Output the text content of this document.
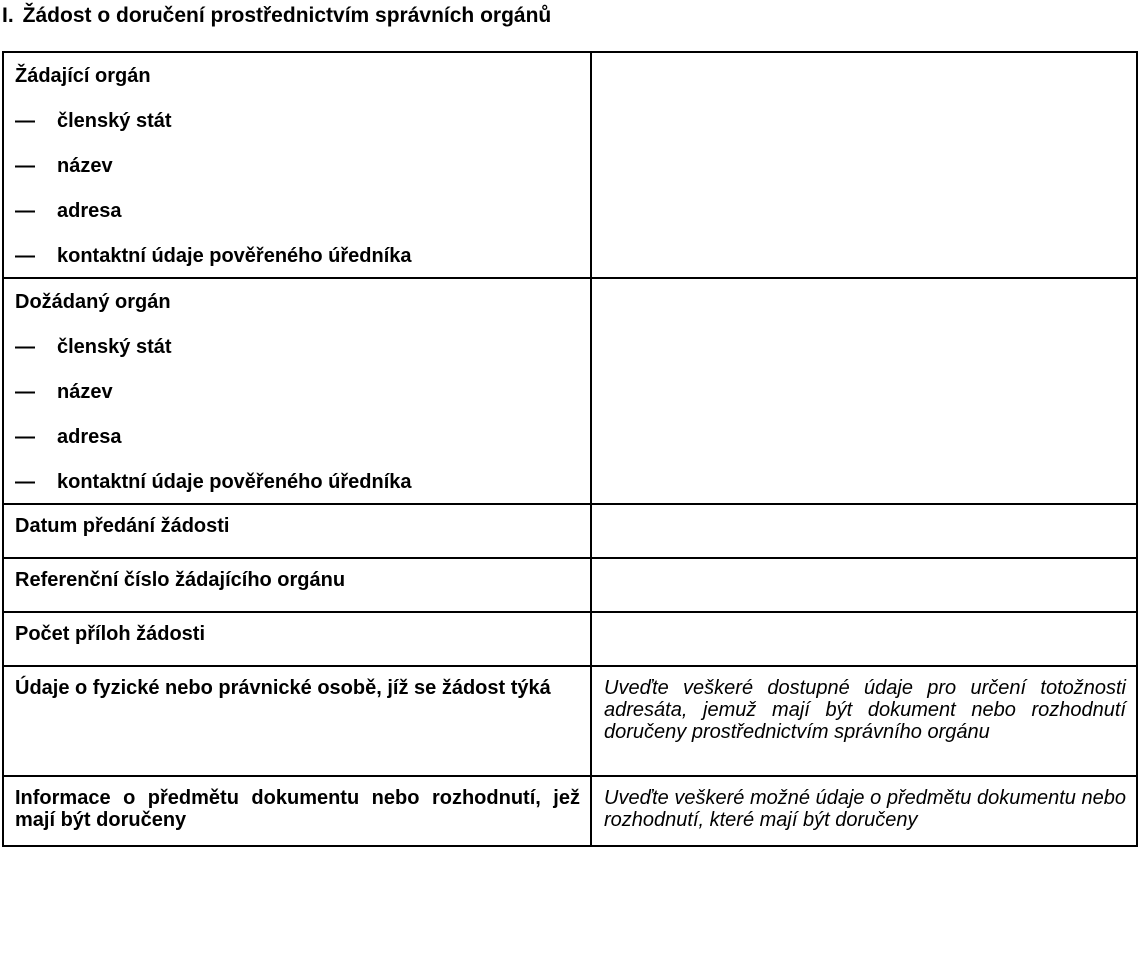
I. Žádost o doručení prostřednictvím správních orgánů
Žádající orgán
— členský stát
— název
— adresa
— kontaktní údaje pověřeného úředníka	

Dožádaný orgán
— členský stát
— název
— adresa
— kontaktní údaje pověřeného úředníka	

Datum předání žádosti	
Referenční číslo žádajícího orgánu	
Počet příloh žádosti	

Údaje o fyzické nebo právnické osobě, jíž se žádost týká	Uveďte veškeré dostupné údaje pro určení totožnosti adresáta, jemuž mají být dokument nebo rozhodnutí doručeny prostřednictvím správního orgánu

Informace o předmětu dokumentu nebo rozhodnutí, jež mají být doručeny	Uveďte veškeré možné údaje o předmětu dokumentu nebo rozhodnutí, které mají být doručeny
